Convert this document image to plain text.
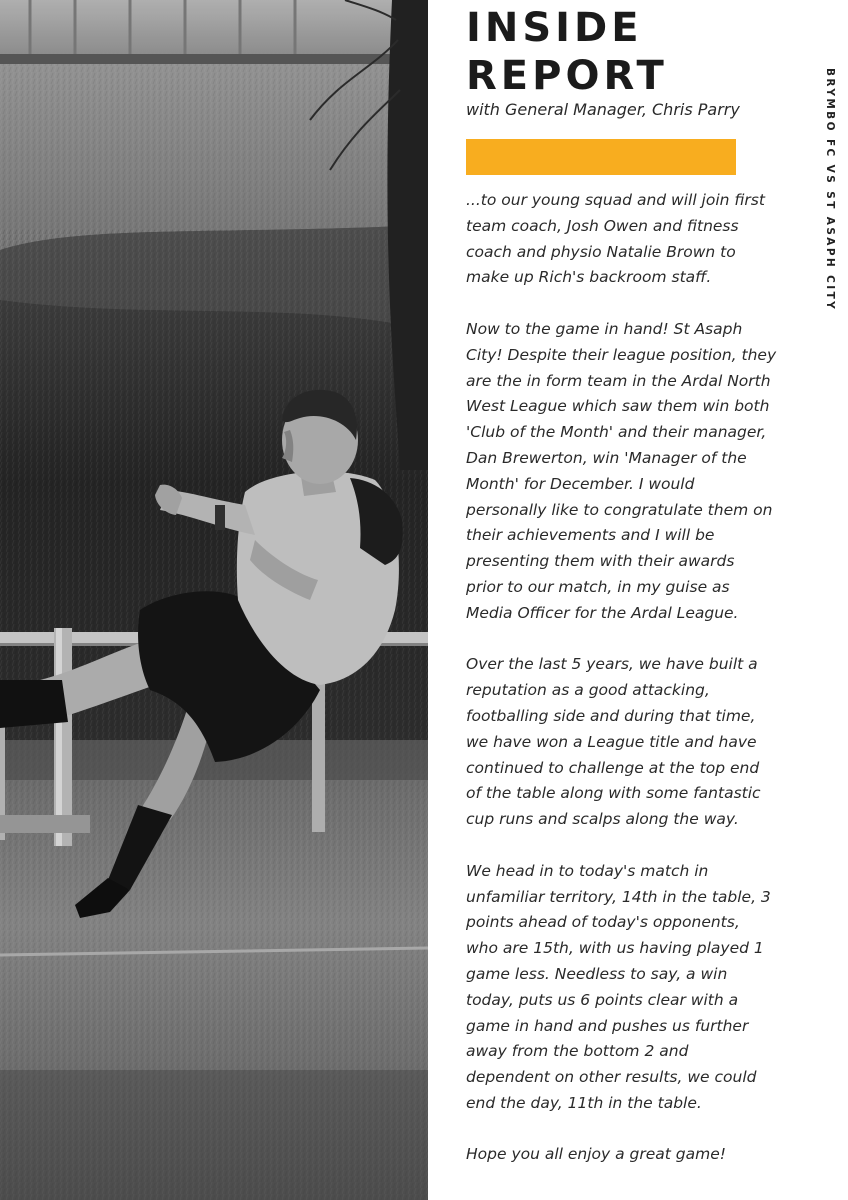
INSIDE
REPORT
with General Manager, Chris Parry

...to our young squad and will join first
team coach, Josh Owen and fitness
coach and physio Natalie Brown to
make up Rich's backroom staff.

Now to the game in hand! St Asaph
City! Despite their league position, they
are the in form team in the Ardal North
West League which saw them win both
'Club of the Month' and their manager,
Dan Brewerton, win 'Manager of the
Month' for December. I would
personally like to congratulate them on
their achievements and I will be
presenting them with their awards
prior to our match, in my guise as
Media Officer for the Ardal League.

Over the last 5 years, we have built a
reputation as a good attacking,
footballing side and during that time,
we have won a League title and have
continued to challenge at the top end
of the table along with some fantastic
cup runs and scalps along the way.

We head in to today's match in
unfamiliar territory, 14th in the table, 3
points ahead of today's opponents,
who are 15th, with us having played 1
game less. Needless to say, a win
today, puts us 6 points clear with a
game in hand and pushes us further
away from the bottom 2 and
dependent on other results, we could
end the day, 11th in the table.

Hope you all enjoy a great game!

BRYMBO FC VS ST ASAPH CITY
